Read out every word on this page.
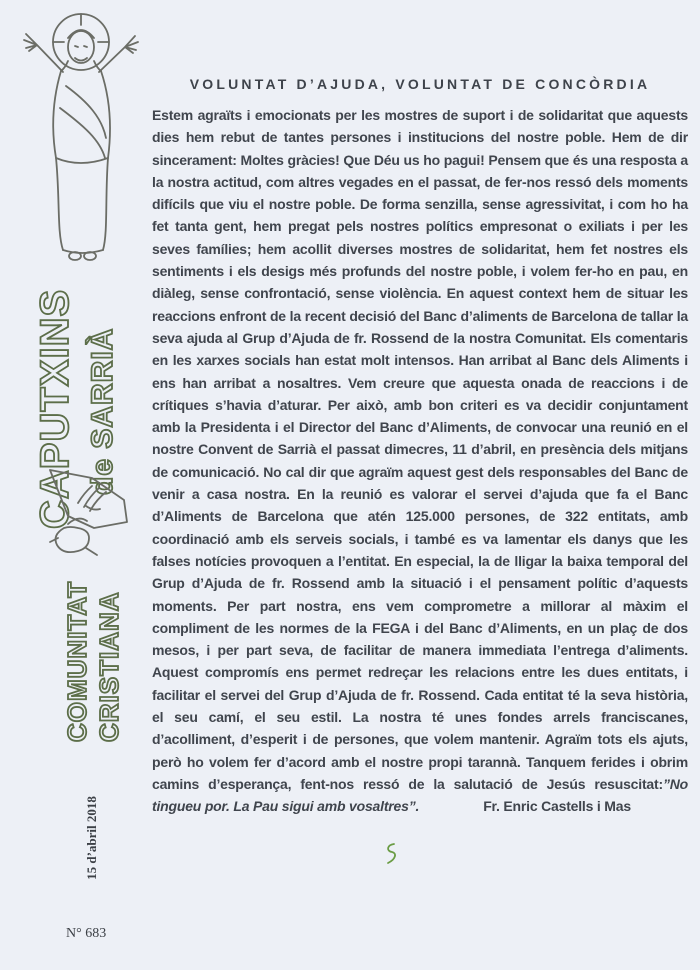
CAPUTXINS de SARRIÀ
COMUNITAT CRISTIANA
15 d’abril 2018
N° 683
VOLUNTAT D’AJUDA, VOLUNTAT DE CONCÒRDIA

Estem agraïts i emocionats per les mostres de suport i de solidaritat que aquests dies hem rebut de tantes persones i institucions del nostre poble. Hem de dir sincerament: Moltes gràcies! Que Déu us ho pagui! Pensem que és una resposta a la nostra actitud, com altres vegades en el passat, de fer-nos ressó dels moments difícils que viu el nostre poble. De forma senzilla, sense agressivitat, i com ho ha fet tanta gent, hem pregat pels nostres polítics empresonat o exiliats i per les seves famílies; hem acollit diverses mostres de solidaritat, hem fet nostres els sentiments i els desigs més profunds del nostre poble, i volem fer-ho en pau, en diàleg, sense confrontació, sense violència. En aquest context hem de situar les reaccions enfront de la recent decisió del Banc d’aliments de Barcelona de tallar la seva ajuda al Grup d’Ajuda de fr. Rossend de la nostra Comunitat. Els comentaris en les xarxes socials han estat molt intensos. Han arribat al Banc dels Aliments i ens han arribat a nosaltres. Vem creure que aquesta onada de reaccions i de crítiques s’havia d’aturar. Per això, amb bon criteri es va decidir conjuntament amb la Presidenta i el Director del Banc d’Aliments, de convocar una reunió en el nostre Convent de Sarrià el passat dimecres, 11 d’abril, en presència dels mitjans de comunicació. No cal dir que agraïm aquest gest dels responsables del Banc de venir a casa nostra. En la reunió es valorar el servei d’ajuda que fa el Banc d’Aliments de Barcelona que atén 125.000 persones, de 322 entitats, amb coordinació amb els serveis socials, i també es va lamentar els danys que les falses notícies provoquen a l’entitat. En especial, la de lligar la baixa temporal del Grup d’Ajuda de fr. Rossend amb la situació i el pensament polític d’aquests moments. Per part nostra, ens vem comprometre a millorar al màxim el compliment de les normes de la FEGA i del Banc d’Aliments, en un plaç de dos mesos, i per part seva, de facilitar de manera immediata l’entrega d’aliments. Aquest compromís ens permet redreçar les relacions entre les dues entitats, i facilitar el servei del Grup d’Ajuda de fr. Rossend. Cada entitat té la seva història, el seu camí, el seu estil. La nostra té unes fondes arrels franciscanes, d’acolliment, d’esperit i de persones, que volem mantenir. Agraïm tots els ajuts, però ho volem fer d’acord amb el nostre propi tarannà. Tanquem ferides i obrim camins d’esperança, fent-nos ressó de la salutació de Jesús resuscitat:”No tingueu por. La Pau sigui amb vosaltres”.	Fr. Enric Castells i Mas
